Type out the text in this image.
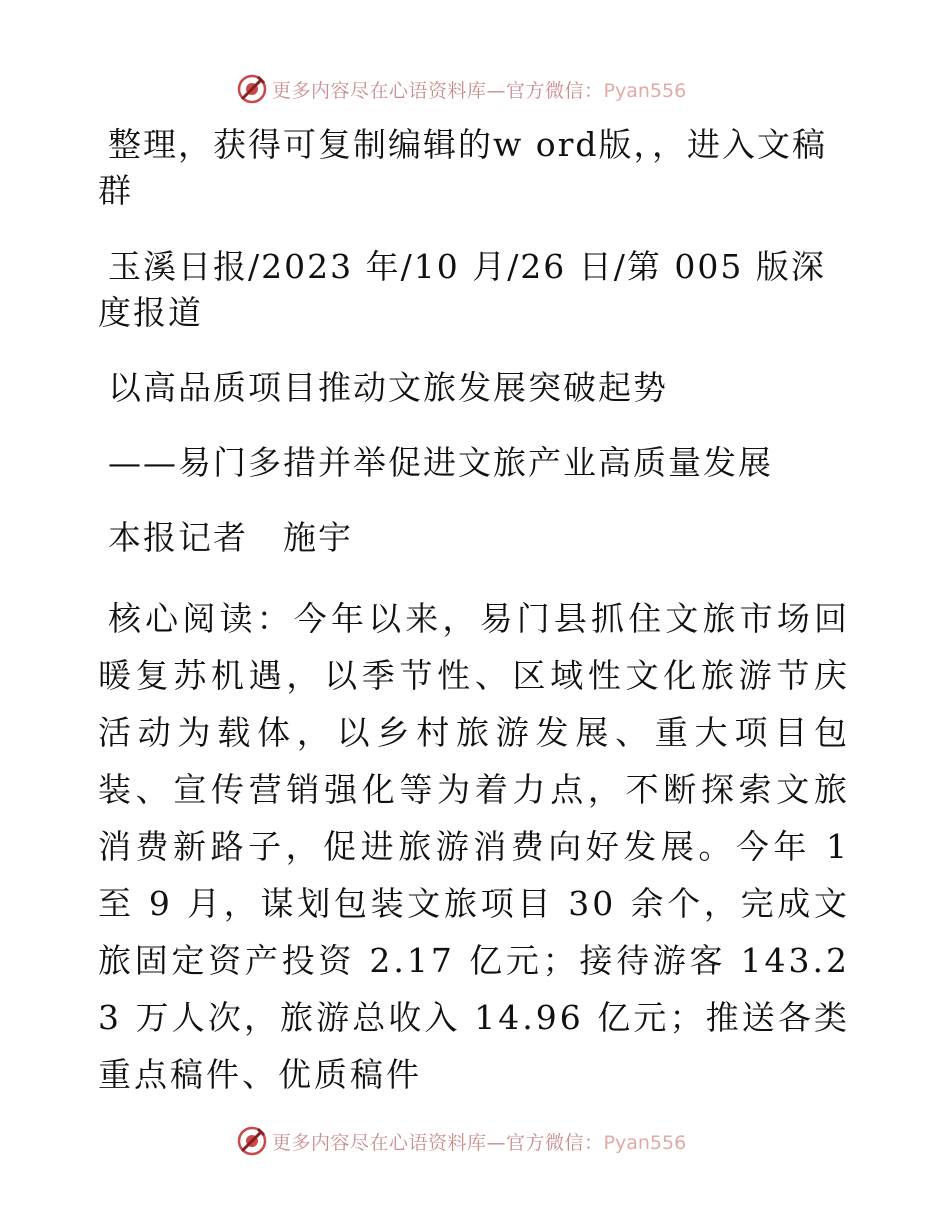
更多内容尽在心语资料库—官方微信：Pyan556

整理，获得可复制编辑的w ord版，，进入文稿群

玉溪日报/2023 年/10 月/26 日/第 005 版深度报道

以高品质项目推动文旅发展突破起势

——易门多措并举促进文旅产业高质量发展

本报记者　施宇

核心阅读：今年以来，易门县抓住文旅市场回暖复苏机遇，以季节性、区域性文化旅游节庆活动为载体，以乡村旅游发展、重大项目包装、宣传营销强化等为着力点，不断探索文旅消费新路子，促进旅游消费向好发展。今年 1 至 9 月，谋划包装文旅项目 30 余个，完成文旅固定资产投资 2.17 亿元；接待游客 143.23 万人次，旅游总收入 14.96 亿元；推送各类重点稿件、优质稿件

更多内容尽在心语资料库—官方微信：Pyan556
